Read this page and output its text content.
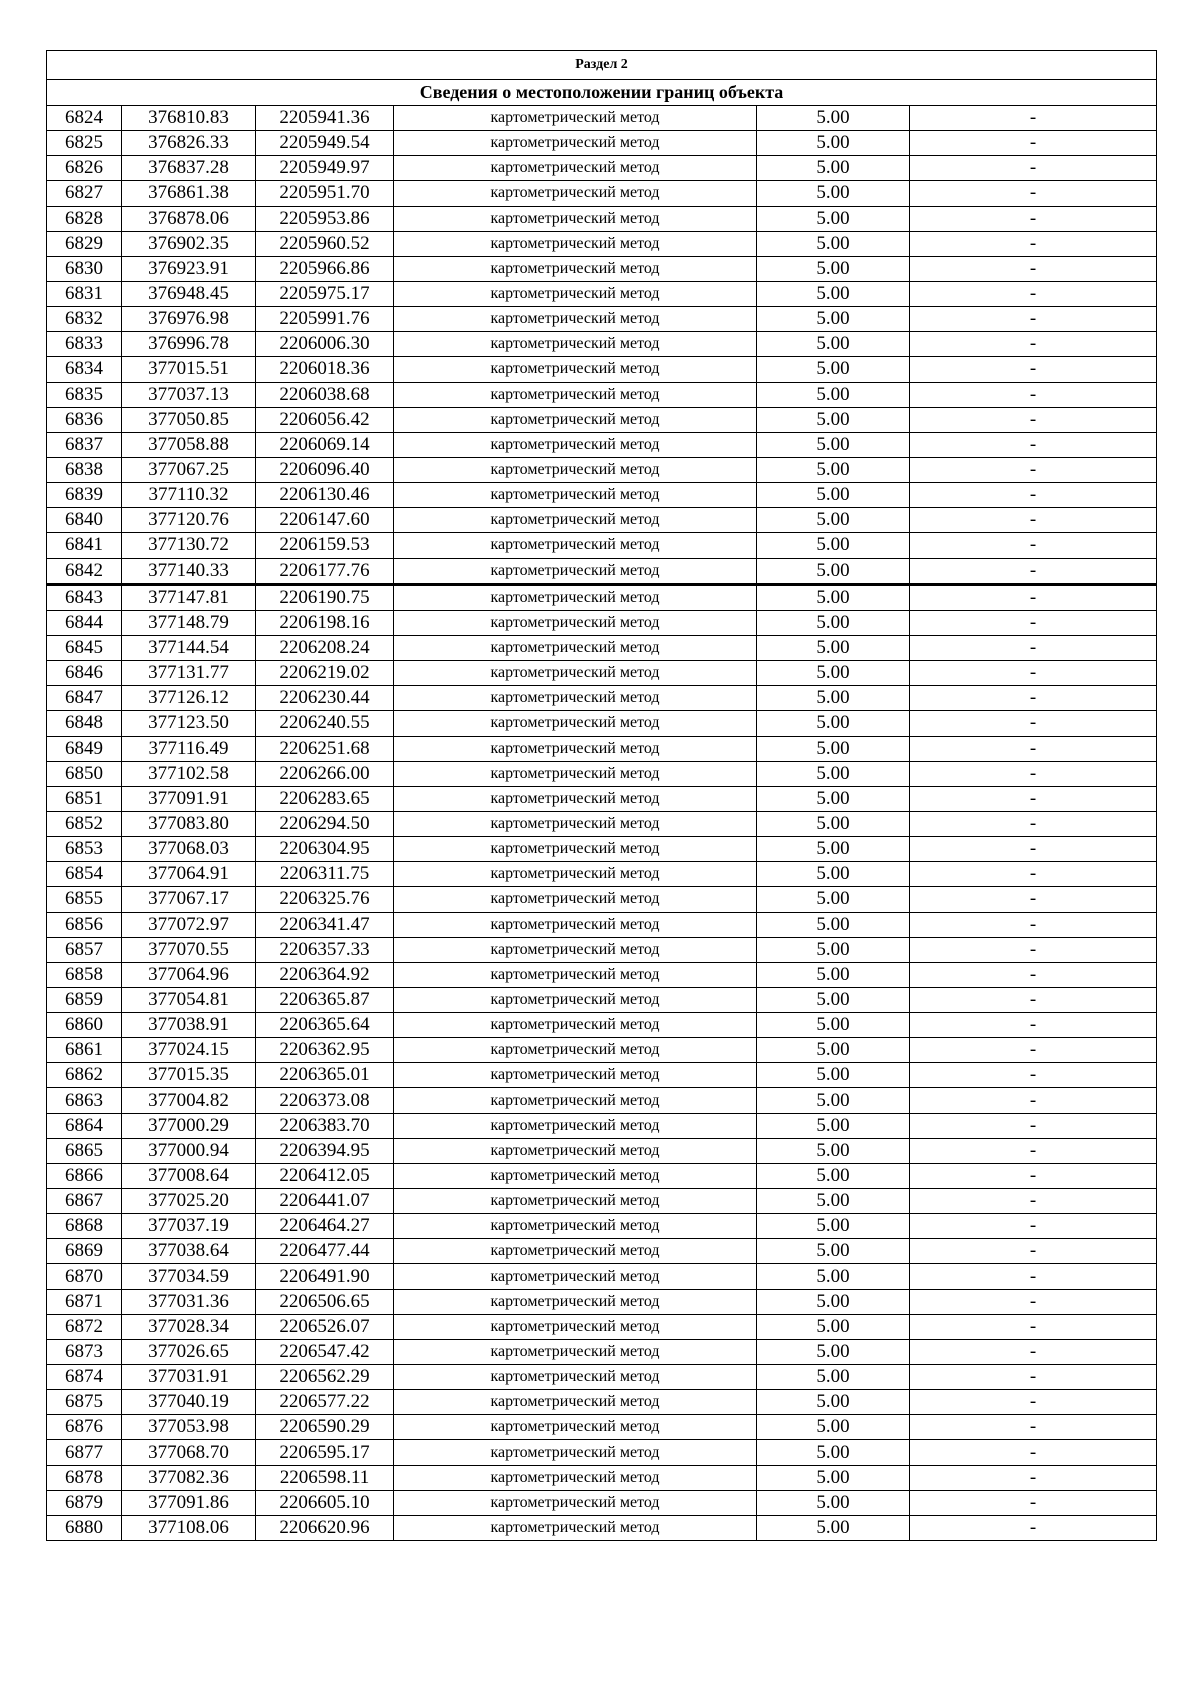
Раздел 2					
Сведения о местоположении границ объекта					
6824	376810.83	2205941.36	картометрический метод	5.00	-
6825	376826.33	2205949.54	картометрический метод	5.00	-
6826	376837.28	2205949.97	картометрический метод	5.00	-
6827	376861.38	2205951.70	картометрический метод	5.00	-
6828	376878.06	2205953.86	картометрический метод	5.00	-
6829	376902.35	2205960.52	картометрический метод	5.00	-
6830	376923.91	2205966.86	картометрический метод	5.00	-
6831	376948.45	2205975.17	картометрический метод	5.00	-
6832	376976.98	2205991.76	картометрический метод	5.00	-
6833	376996.78	2206006.30	картометрический метод	5.00	-
6834	377015.51	2206018.36	картометрический метод	5.00	-
6835	377037.13	2206038.68	картометрический метод	5.00	-
6836	377050.85	2206056.42	картометрический метод	5.00	-
6837	377058.88	2206069.14	картометрический метод	5.00	-
6838	377067.25	2206096.40	картометрический метод	5.00	-
6839	377110.32	2206130.46	картометрический метод	5.00	-
6840	377120.76	2206147.60	картометрический метод	5.00	-
6841	377130.72	2206159.53	картометрический метод	5.00	-
6842	377140.33	2206177.76	картометрический метод	5.00	-
6843	377147.81	2206190.75	картометрический метод	5.00	-
6844	377148.79	2206198.16	картометрический метод	5.00	-
6845	377144.54	2206208.24	картометрический метод	5.00	-
6846	377131.77	2206219.02	картометрический метод	5.00	-
6847	377126.12	2206230.44	картометрический метод	5.00	-
6848	377123.50	2206240.55	картометрический метод	5.00	-
6849	377116.49	2206251.68	картометрический метод	5.00	-
6850	377102.58	2206266.00	картометрический метод	5.00	-
6851	377091.91	2206283.65	картометрический метод	5.00	-
6852	377083.80	2206294.50	картометрический метод	5.00	-
6853	377068.03	2206304.95	картометрический метод	5.00	-
6854	377064.91	2206311.75	картометрический метод	5.00	-
6855	377067.17	2206325.76	картометрический метод	5.00	-
6856	377072.97	2206341.47	картометрический метод	5.00	-
6857	377070.55	2206357.33	картометрический метод	5.00	-
6858	377064.96	2206364.92	картометрический метод	5.00	-
6859	377054.81	2206365.87	картометрический метод	5.00	-
6860	377038.91	2206365.64	картометрический метод	5.00	-
6861	377024.15	2206362.95	картометрический метод	5.00	-
6862	377015.35	2206365.01	картометрический метод	5.00	-
6863	377004.82	2206373.08	картометрический метод	5.00	-
6864	377000.29	2206383.70	картометрический метод	5.00	-
6865	377000.94	2206394.95	картометрический метод	5.00	-
6866	377008.64	2206412.05	картометрический метод	5.00	-
6867	377025.20	2206441.07	картометрический метод	5.00	-
6868	377037.19	2206464.27	картометрический метод	5.00	-
6869	377038.64	2206477.44	картометрический метод	5.00	-
6870	377034.59	2206491.90	картометрический метод	5.00	-
6871	377031.36	2206506.65	картометрический метод	5.00	-
6872	377028.34	2206526.07	картометрический метод	5.00	-
6873	377026.65	2206547.42	картометрический метод	5.00	-
6874	377031.91	2206562.29	картометрический метод	5.00	-
6875	377040.19	2206577.22	картометрический метод	5.00	-
6876	377053.98	2206590.29	картометрический метод	5.00	-
6877	377068.70	2206595.17	картометрический метод	5.00	-
6878	377082.36	2206598.11	картометрический метод	5.00	-
6879	377091.86	2206605.10	картометрический метод	5.00	-
6880	377108.06	2206620.96	картометрический метод	5.00	-
